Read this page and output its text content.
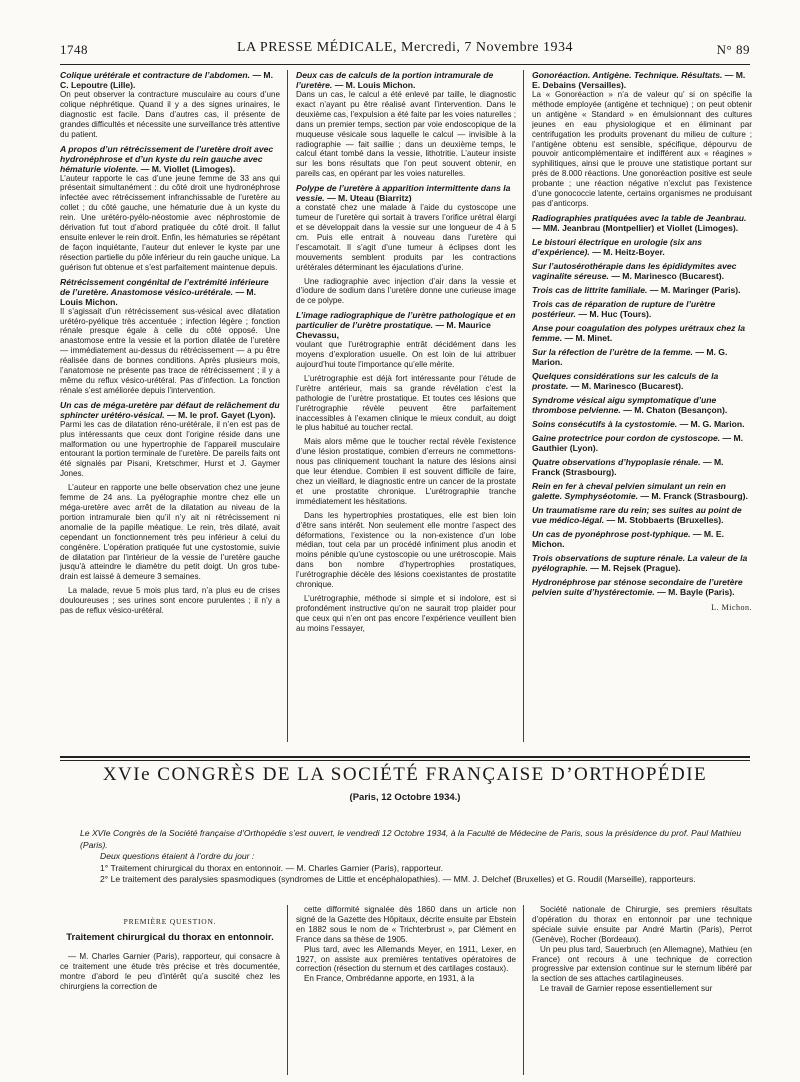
1748	LA PRESSE MÉDICALE, Mercredi, 7 Novembre 1934	N° 89

Colique urétérale et contracture de l’abdomen. — M. C. Lepoutre (Lille).

On peut observer la contracture musculaire au cours d’une colique néphrétique. Quand il y a des signes urinaires, le diagnostic est facile. Dans d’autres cas, il présente de grandes difficultés et nécessite une surveillance très attentive du patient.

A propos d’un rétrécissement de l’uretère droit avec hydronéphrose et d’un kyste du rein gauche avec hématurie violente. — M. Viollet (Limoges).

L’auteur rapporte le cas d’une jeune femme de 33 ans qui présentait simultanément : du côté droit une hydronéphrose infectée avec rétrécissement infranchissable de l’uretère au collet ; du côté gauche, une hématurie due à un kyste du rein. Une urétéro-pyélo-néostomie avec néphrostomie de dérivation fut tout d’abord pratiquée du côté droit. Il fallut ensuite enlever le rein droit. Enfin, les hématuries se répétant de façon inquiétante, l’auteur dut enlever le kyste par une résection partielle du pôle inférieur du rein gauche unique. La guérison fut obtenue et s’est parfaitement maintenue depuis.

Rétrécissement congénital de l’extrémité inférieure de l’uretère. Anastomose vésico-urétérale. — M. Louis Michon.

Il s’agissait d’un rétrécissement sus-vésical avec dilatation urétéro-pyélique très accentuée ; infection légère ; fonction rénale presque égale à celle du côté opposé. Une anastomose entre la vessie et la portion dilatée de l’uretère — immédiatement au-dessus du rétrécissement — a pu être réalisée dans de bonnes conditions. Après plusieurs mois, l’anatomose ne présente pas trace de rétrécissement ; il y a même du reflux vésico-urétéral. Pas d’infection. La fonction rénale s’est améliorée depuis l’intervention.

Un cas de méga-uretère par défaut de relâchement du sphincter urétéro-vésical. — M. le prof. Gayet (Lyon).

Parmi les cas de dilatation réno-urétérale, il n’en est pas de plus intéressants que ceux dont l’origine réside dans une malformation ou une hypertrophie de l’appareil musculaire entourant la portion terminale de l’uretère. De pareils faits ont été signalés par Pisani, Kretschmer, Hurst et J. Gaymer Jones.

L’auteur en rapporte une belle observation chez une jeune femme de 24 ans. La pyélographie montre chez elle un méga-uretère avec arrêt de la dilatation au niveau de la portion intramurale bien qu’il n’y ait ni rétrécissement ni anomalie de la papille méatique. Le rein, très dilaté, avait cependant un fonctionnement très peu inférieur à celui du congénère. L’opération pratiquée fut une cystostomie, suivie de dilatation par l’intérieur de la vessie de l’uretère gauche jusqu’à atteindre le diamètre du petit doigt. Un gros tube-drain est laissé à demeure 3 semaines.

La malade, revue 5 mois plus tard, n’a plus eu de crises douloureuses ; ses urines sont encore purulentes ; il n’y a pas de reflux vésico-urétéral.

Deux cas de calculs de la portion intramurale de l’uretère. — M. Louis Michon.

Dans un cas, le calcul a été enlevé par taille, le diagnostic exact n’ayant pu être réalisé avant l’intervention. Dans le deuxième cas, l’expulsion a été faite par les voies naturelles ; dans un premier temps, section par voie endoscopique de la muqueuse vésicale sous laquelle le calcul — invisible à la radiographie — fait saillie ; dans un deuxième temps, le calcul étant tombé dans la vessie, lithotritie. L’auteur insiste sur les bons résultats que l’on peut souvent obtenir, en pareils cas, en opérant par les voies naturelles.

Polype de l’uretère à apparition intermittente dans la vessie. — M. Uteau (Biarritz)

a constaté chez une malade à l’aide du cystoscope une tumeur de l’uretère qui sortait à travers l’orifice urétral élargi et se développait dans la vessie sur une longueur de 4 à 5 cm. Puis elle entrait à nouveau dans l’uretère qui l’escamotait. Il s’agit d’une tumeur à éclipses dont les mouvements semblent produits par les contractions urétérales déterminant les éjaculations d’urine.

Une radiographie avec injection d’air dans la vessie et d’iodure de sodium dans l’uretère donne une curieuse image de ce polype.

L’image radiographique de l’urètre pathologique et en particulier de l’urètre prostatique. — M. Maurice Chevassu,

voulant que l’urétrographie entrât décidément dans les moyens d’exploration usuelle. On est loin de lui attribuer aujourd’hui toute l’importance qu’elle mérite.

L’urétrographie est déjà fort intéressante pour l’étude de l’urètre antérieur, mais sa grande révélation c’est la pathologie de l’urètre prostatique. Et toutes ces lésions que l’urétrographie révèle peuvent être parfaitement inaccessibles à l’examen clinique le mieux conduit, au doigt le plus habitué au toucher rectal.

Mais alors même que le toucher rectal révèle l’existence d’une lésion prostatique, combien d’erreurs ne commettons-nous pas cliniquement touchant la nature des lésions ainsi que leur étendue. Combien il est souvent difficile de faire, chez un vieillard, le diagnostic entre un cancer de la prostate et une prostatite chronique. L’urétrographie tranche immédiatement les hésitations.

Dans les hypertrophies prostatiques, elle est bien loin d’être sans intérêt. Non seulement elle montre l’aspect des déformations, l’existence ou la non-existence d’un lobe médian, tout cela par un procédé infiniment plus anodin et moins pénible qu’une cystoscopie ou une urétroscopie. Mais dans bon nombre d’hypertrophies prostatiques, l’urétrographie décèle des lésions coexistantes de prostatite chronique.

L’urétrographie, méthode si simple et si indolore, est si profondément instructive qu’on ne saurait trop plaider pour que ceux qui n’en ont pas encore l’expérience veuillent bien au moins l’essayer,

Gonoréaction. Antigène. Technique. Résultats. — M. E. Debains (Versailles).

La « Gonoréaction » n’a de valeur qu’ si on spécifie la méthode employée (antigène et technique) ; on peut obtenir un antigène « Standard » en émulsionnant des cultures jeunes en eau physiologique et en éliminant par centrifugation les produits provenant du milieu de culture ; l’antigène obtenu est sensible, spécifique, dépourvu de pouvoir anticomplémentaire et indifférent aux « réagines » syphilitiques, ainsi que le prouve une statistique portant sur près de 8.000 réactions. Une gonoréaction positive est seule probante ; une réaction négative n’exclut pas l’existence d’une gonococcie latente, certains organismes ne produisant pas d’anticorps.

Radiographies pratiquées avec la table de Jeanbrau. — MM. Jeanbrau (Montpellier) et Viollet (Limoges).

Le bistouri électrique en urologie (six ans d’expérience). — M. Heitz-Boyer.

Sur l’autosérothérapie dans les épididymites avec vaginalite séreuse. — M. Marinesco (Bucarest).

Trois cas de littrite familiale. — M. Maringer (Paris).

Trois cas de réparation de rupture de l’urètre postérieur. — M. Huc (Tours).

Anse pour coagulation des polypes urétraux chez la femme. — M. Minet.

Sur la réfection de l’urètre de la femme. — M. G. Marion.

Quelques considérations sur les calculs de la prostate. — M. Marinesco (Bucarest).

Syndrome vésical aigu symptomatique d’une thrombose pelvienne. — M. Chaton (Besançon).

Soins consécutifs à la cystostomie. — M. G. Marion.

Gaine protectrice pour cordon de cystoscope. — M. Gauthier (Lyon).

Quatre observations d’hypoplasie rénale. — M. Franck (Strasbourg).

Rein en fer à cheval pelvien simulant un rein en galette. Symphyséotomie. — M. Franck (Strasbourg).

Un traumatisme rare du rein; ses suites au point de vue médico-légal. — M. Stobbaerts (Bruxelles).

Un cas de pyonéphrose post-typhique. — M. E. Michon.

Trois observations de supture rénale. La valeur de la pyélographie. — M. Rejsek (Prague).

Hydronéphrose par sténose secondaire de l’uretère pelvien suite d’hystérectomie. — M. Bayle (Paris).

L. Michon.
XVIe CONGRÈS DE LA SOCIÉTÉ FRANÇAISE D’ORTHOPÉDIE
(Paris, 12 Octobre 1934.)

Le XVIe Congrès de la Société française d’Orthopédie s’est ouvert, le vendredi 12 Octobre 1934, à la Faculté de Médecine de Paris, sous la présidence du prof. Paul Mathieu (Paris).

Deux questions étaient à l’ordre du jour :

1° Traitement chirurgical du thorax en entonnoir. — M. Charles Garnier (Paris), rapporteur.

2° Le traitement des paralysies spasmodiques (syndromes de Little et encéphalopathies). — MM. J. Delchef (Bruxelles) et G. Roudil (Marseille), rapporteurs.

PREMIÈRE QUESTION.
Traitement chirurgical du thorax en entonnoir.

— M. Charles Garnier (Paris), rapporteur, qui consacre à ce traitement une étude très précise et très documentée, montre d’abord le peu d’intérêt qu’a suscité chez les chirurgiens la correction de

cette difformité signalée dès 1860 dans un article non signé de la Gazette des Hôpitaux, décrite ensuite par Ebstein en 1882 sous le nom de « Trichterbrust », par Clément en France dans sa thèse de 1905.

Plus tard, avec les Allemands Meyer, en 1911, Lexer, en 1927, on assiste aux premières tentatives opératoires de correction (résection du sternum et des cartilages costaux).

En France, Ombrédanne apporte, en 1931, à la

Société nationale de Chirurgie, ses premiers résultats d’opération du thorax en entonnoir par une technique spéciale suivie ensuite par André Martin (Paris), Perrot (Genève), Rocher (Bordeaux).

Un peu plus tard, Sauerbruch (en Allemagne), Mathieu (en France) ont recours à une technique de correction progressive par extension continue sur le sternum libéré par la section de ses attaches cartilagineuses.

Le travail de Garnier repose essentiellement sur
